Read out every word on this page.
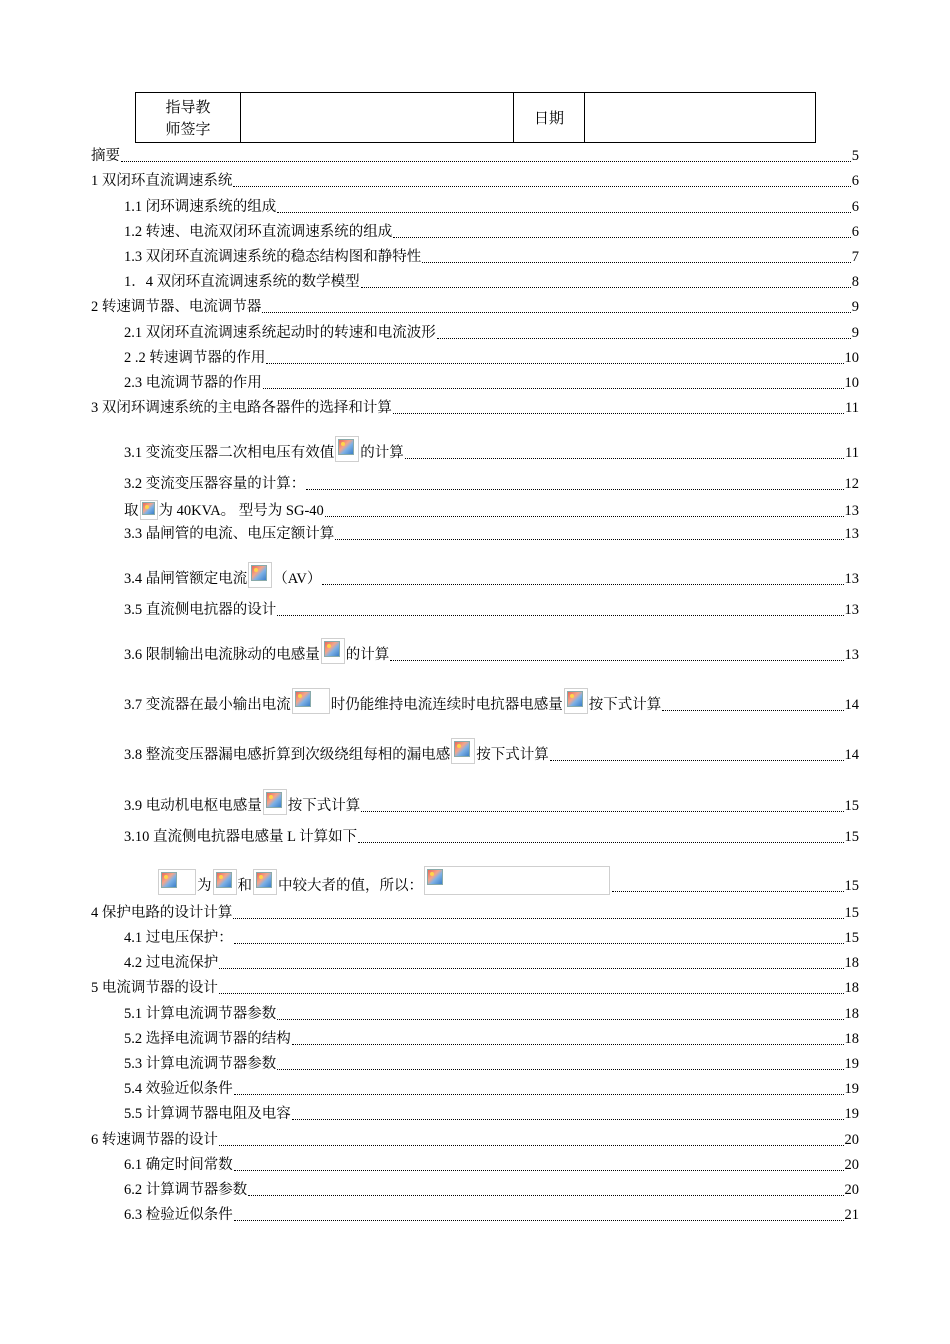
指导教
师签字		日期	
摘要	5
1 双闭环直流调速系统	6
1.1 闭环调速系统的组成	6
1.2 转速、电流双闭环直流调速系统的组成	6
1.3 双闭环直流调速系统的稳态结构图和静特性	7
1．4 双闭环直流调速系统的数学模型	8
2 转速调节器、电流调节器	9
2.1 双闭环直流调速系统起动时的转速和电流波形	9
2 .2 转速调节器的作用	10
2.3 电流调节器的作用	10
3 双闭环调速系统的主电路各器件的选择和计算	11
3.1 变流变压器二次相电压有效值 的计算	11
3.2 变流变压器容量的计算：	12
取 为 40KVA。 型号为 SG-40	13
3.3 晶闸管的电流、电压定额计算	13
3.4 晶闸管额定电流 （AV）	13
3.5 直流侧电抗器的设计	13
3.6 限制输出电流脉动的电感量 的计算	13
3.7 变流器在最小输出电流	时仍能维持电流连续时电抗器电感量 按下式计算	14
3.8 整流变压器漏电感折算到次级绕组每相的漏电感 按下式计算	14
3.9 电动机电枢电感量 按下式计算	15
3.10 直流侧电抗器电感量 L 计算如下	15
为 和 中较大者的值，所以：	15
4 保护电路的设计计算	15
4.1 过电压保护：	15
4.2 过电流保护	18
5 电流调节器的设计	18
5.1 计算电流调节器参数	18
5.2 选择电流调节器的结构	18
5.3 计算电流调节器参数	19
5.4 效验近似条件	19
5.5 计算调节器电阻及电容	19
6 转速调节器的设计	20
6.1 确定时间常数	20
6.2 计算调节器参数	20
6.3 检验近似条件	21
